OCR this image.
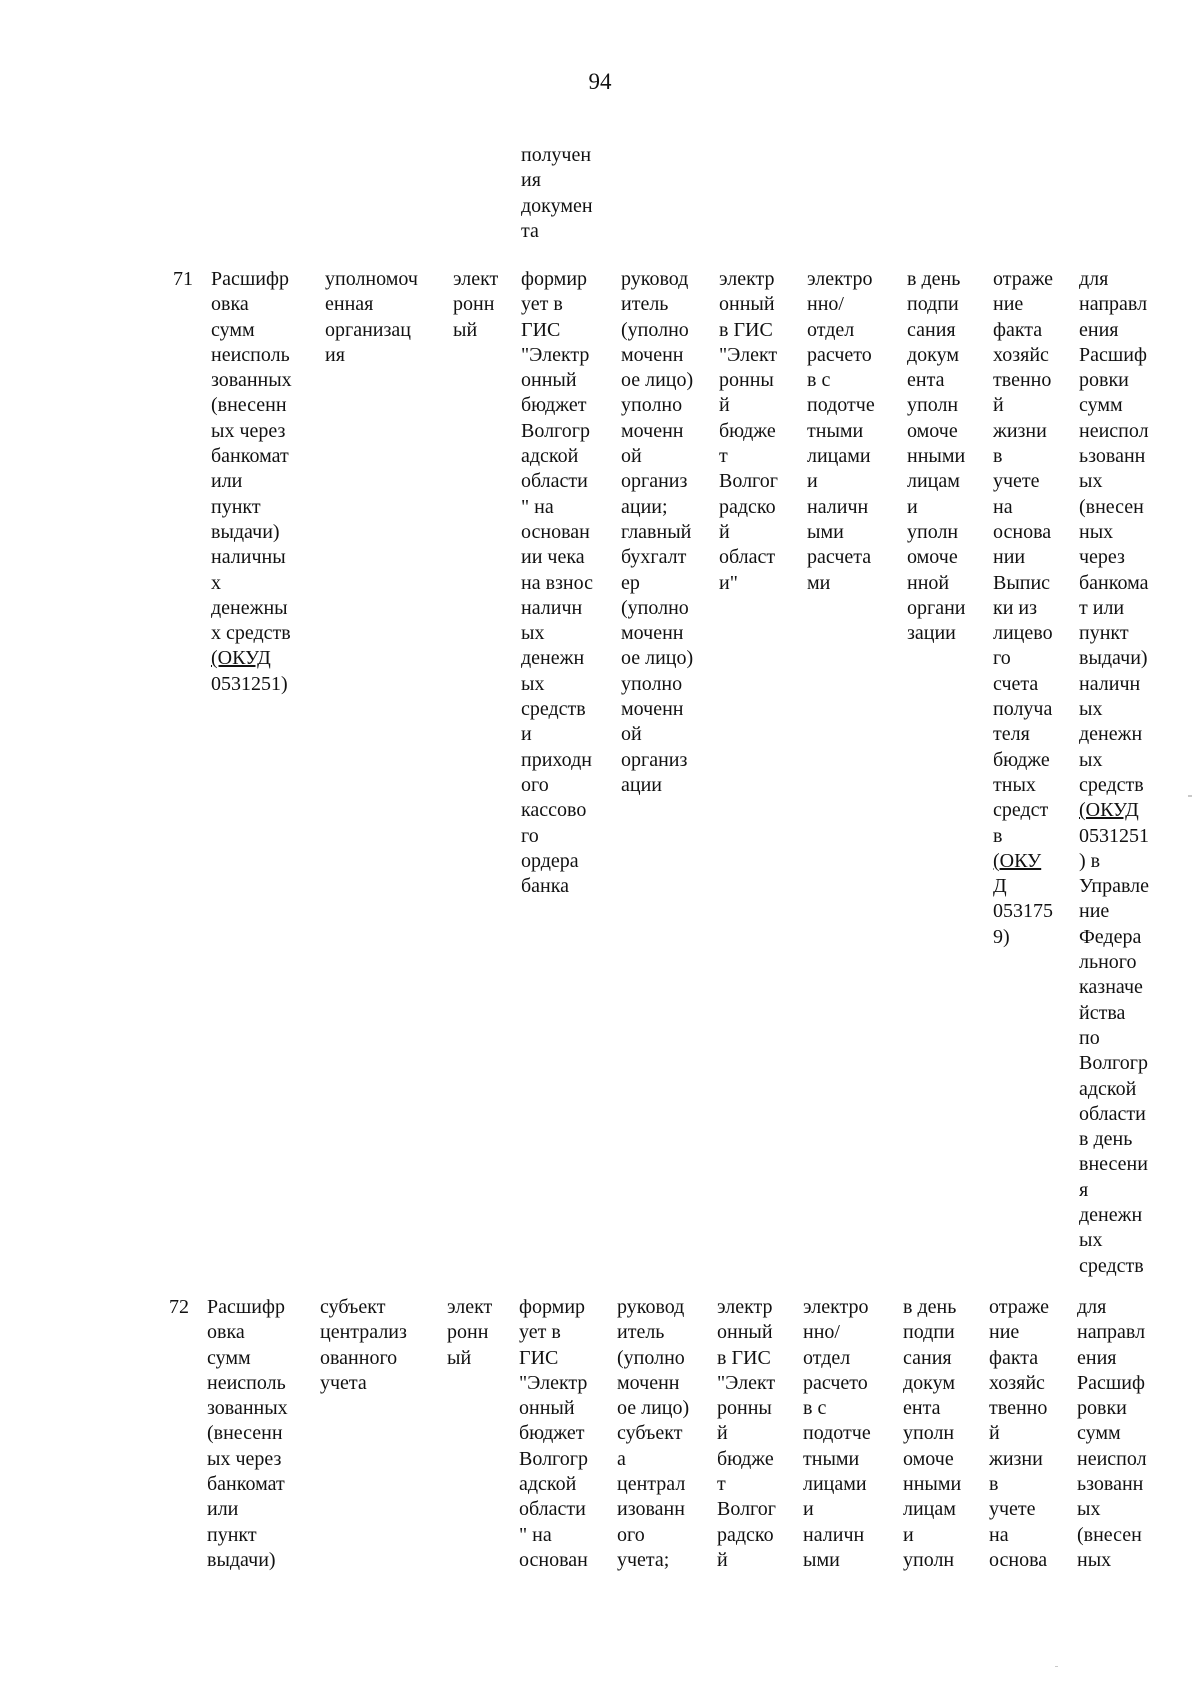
94
получен
ия
докумен
та
71 Расшифр
овка
сумм
неисполь
зованных
(внесенн
ых через
банкомат
или
пункт
выдачи)
наличны
х
денежны
х средств
(ОКУД
0531251)
уполномоч
енная
организац
ия
элект
ронн
ый
формир
ует в
ГИС
"Электр
онный
бюджет
Волгогр
адской
области
" на
основан
ии чека
на взнос
наличн
ых
денежн
ых
средств
и
приходн
ого
кассово
го
ордера
банка
руковод
итель
(уполно
моченн
ое лицо)
уполно
моченн
ой
организ
ации;
главный
бухгалт
ер
(уполно
моченн
ое лицо)
уполно
моченн
ой
организ
ации
электр
онный
в ГИС
"Элект
ронны
й
бюдже
т
Волгог
радско
й
област
и"
электро
нно/
отдел
расчето
в с
подотче
тными
лицами
и
наличн
ыми
расчета
ми
в день
подпи
сания
докум
ента
уполн
омоче
нными
лицам
и
уполн
омоче
нной
органи
зации
отраже
ние
факта
хозяйс
твенно
й
жизни
в
учете
на
основа
нии
Выпис
ки из
лицево
го
счета
получа
теля
бюдже
тных
средст
в
(ОКУ
Д
053175
9)
для
направл
ения
Расшиф
ровки
сумм
неиспол
ьзованн
ых
(внесен
ных
через
банкома
т или
пункт
выдачи)
наличн
ых
денежн
ых
средств
(ОКУД
0531251
) в
Управле
ние
Федера
льного
казначе
йства
по
Волгогр
адской
области
в день
внесени
я
денежн
ых
средств
72 Расшифр
овка
сумм
неисполь
зованных
(внесенн
ых через
банкомат
или
пункт
выдачи)
субъект
централиз
ованного
учета
элект
ронн
ый
формир
ует в
ГИС
"Электр
онный
бюджет
Волгогр
адской
области
" на
основан
руковод
итель
(уполно
моченн
ое лицо)
субъект
а
централ
изованн
ого
учета;
электр
онный
в ГИС
"Элект
ронны
й
бюдже
т
Волгог
радско
й
электро
нно/
отдел
расчето
в с
подотче
тными
лицами
и
наличн
ыми
в день
подпи
сания
докум
ента
уполн
омоче
нными
лицам
и
уполн
отраже
ние
факта
хозяйс
твенно
й
жизни
в
учете
на
основа
для
направл
ения
Расшиф
ровки
сумм
неиспол
ьзованн
ых
(внесен
ных
